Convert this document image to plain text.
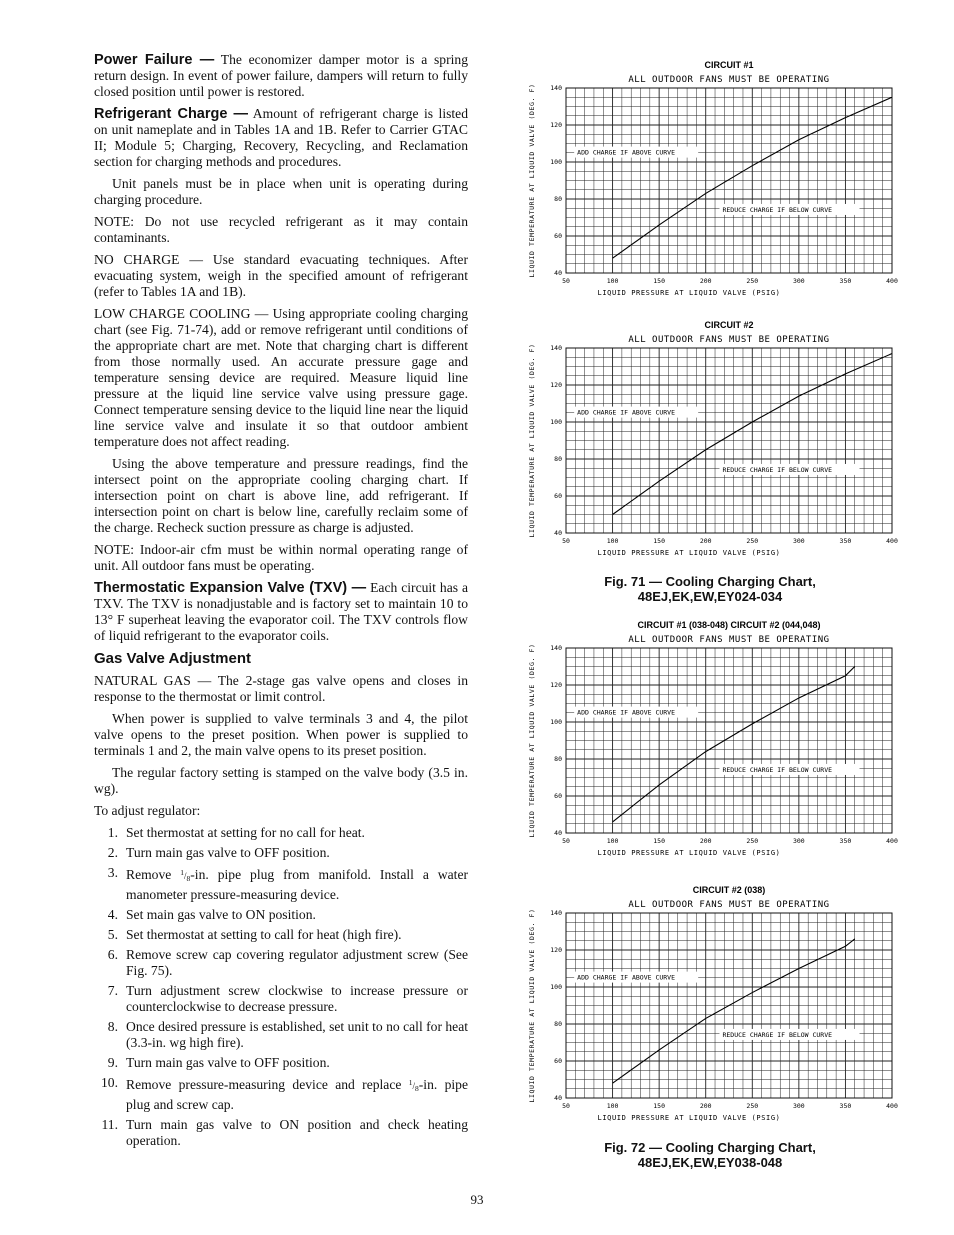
Power Failure — The economizer damper motor is a spring return design. In event of power failure, dampers will return to fully closed position until power is restored.

Refrigerant Charge — Amount of refrigerant charge is listed on unit nameplate and in Tables 1A and 1B. Refer to Carrier GTAC II; Module 5; Charging, Recovery, Recycling, and Reclamation section for charging methods and procedures.

Unit panels must be in place when unit is operating during charging procedure.

NOTE: Do not use recycled refrigerant as it may contain contaminants.

NO CHARGE — Use standard evacuating techniques. After evacuating system, weigh in the specified amount of refrigerant (refer to Tables 1A and 1B).

LOW CHARGE COOLING — Using appropriate cooling charging chart (see Fig. 71-74), add or remove refrigerant until conditions of the appropriate chart are met. Note that charging chart is different from those normally used. An accurate pressure gage and temperature sensing device are required. Measure liquid line pressure at the liquid line service valve using pressure gage. Connect temperature sensing device to the liquid line near the liquid line service valve and insulate it so that outdoor ambient temperature does not affect reading.

Using the above temperature and pressure readings, find the intersect point on the appropriate cooling charging chart. If intersection point on chart is above line, add refrigerant. If intersection point on chart is below line, carefully reclaim some of the charge. Recheck suction pressure as charge is adjusted.

NOTE: Indoor-air cfm must be within normal operating range of unit. All outdoor fans must be operating.

Thermostatic Expansion Valve (TXV) — Each circuit has a TXV. The TXV is nonadjustable and is factory set to maintain 10 to 13° F superheat leaving the evaporator coil. The TXV controls flow of liquid refrigerant to the evaporator coils.

Gas Valve Adjustment

NATURAL GAS — The 2-stage gas valve opens and closes in response to the thermostat or limit control.

When power is supplied to valve terminals 3 and 4, the pilot valve opens to the preset position. When power is supplied to terminals 1 and 2, the main valve opens to its preset position.

The regular factory setting is stamped on the valve body (3.5 in. wg).

To adjust regulator:

1. Set thermostat at setting for no call for heat.
2. Turn main gas valve to OFF position.
3. Remove $^1/_8-in$. pipe plug from manifold. Install a water manometer pressure-measuring device.
4. Set main gas valve to ON position.
5. Set thermostat at setting to call for heat (high fire).
6. Remove screw cap covering regulator adjustment screw (See Fig. 75).
7. Turn adjustment screw clockwise to increase pressure or counterclockwise to decrease pressure.
8. Once desired pressure is established, set unit to no call for heat (3.3-in. wg high fire).
9. Turn main gas valve to OFF position.
10. Remove pressure-measuring device and replace $^1/_8-in$. pipe plug and screw cap.
11. Turn main gas valve to ON position and check heating operation.
CIRCUIT #1
ALL OUTDOOR FANS MUST BE OPERATING
50	100	150	200	250	300	350	400
40
60
80
100
120
140
LIQUID PRESSURE AT LIQUID VALVE (PSIG)
LIQUID TEMPERATURE AT LIQUID VALVE (DEG. F)	ADD CHARGE IF ABOVE CURVE
REDUCE CHARGE IF BELOW CURVE
CIRCUIT #2
ALL OUTDOOR FANS MUST BE OPERATING
50	100	150	200	250	300	350	400
40
60
80
100
120
140
LIQUID PRESSURE AT LIQUID VALVE (PSIG)
LIQUID TEMPERATURE AT LIQUID VALVE (DEG. F)	ADD CHARGE IF ABOVE CURVE
REDUCE CHARGE IF BELOW CURVE
Fig. 71 — Cooling Charging Chart,
48EJ,EK,EW,EY024-034
CIRCUIT #1 (038-048) CIRCUIT #2 (044,048)
ALL OUTDOOR FANS MUST BE OPERATING
50	100	150	200	250	300	350	400
40
60
80
100
120
140
LIQUID PRESSURE AT LIQUID VALVE (PSIG)
LIQUID TEMPERATURE AT LIQUID VALVE (DEG. F)	ADD CHARGE IF ABOVE CURVE
REDUCE CHARGE IF BELOW CURVE
CIRCUIT #2 (038)
ALL OUTDOOR FANS MUST BE OPERATING
50	100	150	200	250	300	350	400
40
60
80
100
120
140
LIQUID PRESSURE AT LIQUID VALVE (PSIG)
LIQUID TEMPERATURE AT LIQUID VALVE (DEG. F)	ADD CHARGE IF ABOVE CURVE
REDUCE CHARGE IF BELOW CURVE
Fig. 72 — Cooling Charging Chart,
48EJ,EK,EW,EY038-048
93
